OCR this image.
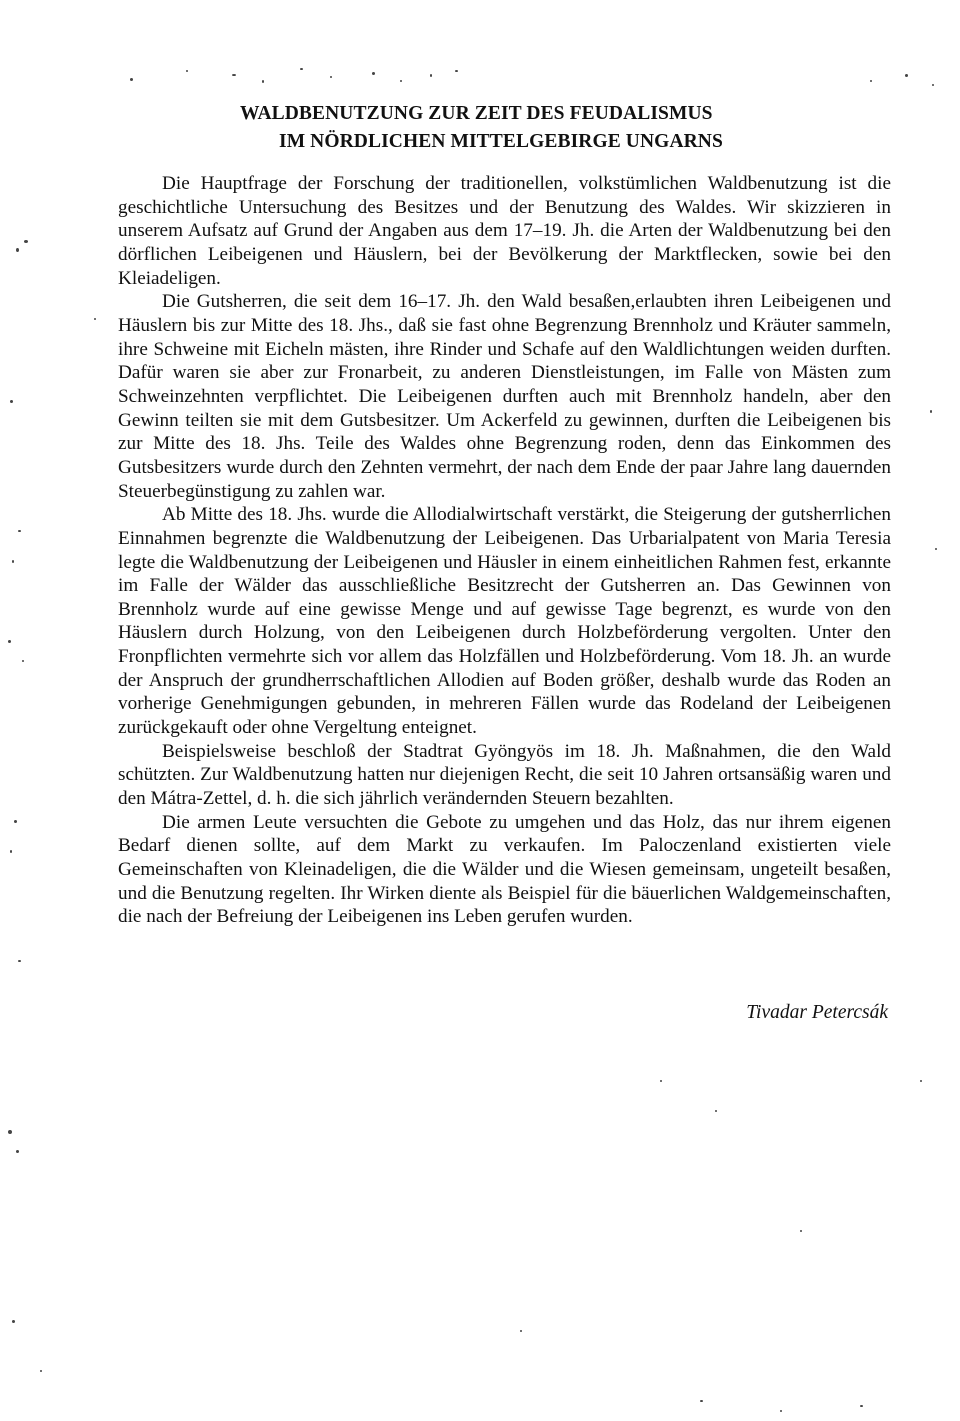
WALDBENUTZUNG ZUR ZEIT DES FEUDALISMUS
IM NÖRDLICHEN MITTELGEBIRGE UNGARNS

Die Hauptfrage der Forschung der traditionellen, volkstümlichen Waldbenutzung ist die geschichtliche Untersuchung des Besitzes und der Benutzung des Waldes. Wir skizzieren in unserem Aufsatz auf Grund der Angaben aus dem 17–19. Jh. die Arten der Waldbenutzung bei den dörflichen Leibeigenen und Häuslern, bei der Bevölkerung der Marktflecken, sowie bei den Kleiadeligen.

Die Gutsherren, die seit dem 16–17. Jh. den Wald besaßen,erlaubten ihren Leibeigenen und Häuslern bis zur Mitte des 18. Jhs., daß sie fast ohne Begrenzung Brennholz und Kräuter sammeln, ihre Schweine mit Eicheln mästen, ihre Rinder und Schafe auf den Waldlichtungen weiden durften. Dafür waren sie aber zur Fronarbeit, zu anderen Dienstleistungen, im Falle von Mästen zum Schweinzehnten verpflichtet. Die Leibeigenen durften auch mit Brennholz handeln, aber den Gewinn teilten sie mit dem Gutsbesitzer. Um Ackerfeld zu gewinnen, durften die Leibeigenen bis zur Mitte des 18. Jhs. Teile des Waldes ohne Begrenzung roden, denn das Einkommen des Gutsbesitzers wurde durch den Zehnten vermehrt, der nach dem Ende der paar Jahre lang dauernden Steuerbegünstigung zu zahlen war.

Ab Mitte des 18. Jhs. wurde die Allodialwirtschaft verstärkt, die Steigerung der gutsherrlichen Einnahmen begrenzte die Waldbenutzung der Leibeigenen. Das Urbarialpatent von Maria Teresia legte die Waldbenutzung der Leibeigenen und Häusler in einem einheitlichen Rahmen fest, erkannte im Falle der Wälder das ausschließliche Besitzrecht der Gutsherren an. Das Gewinnen von Brennholz wurde auf eine gewisse Menge und auf gewisse Tage begrenzt, es wurde von den Häuslern durch Holzung, von den Leibeigenen durch Holzbeförderung vergolten. Unter den Fronpflichten vermehrte sich vor allem das Holzfällen und Holzbeförderung. Vom 18. Jh. an wurde der Anspruch der grundherrschaftlichen Allodien auf Boden größer, deshalb wurde das Roden an vorherige Genehmigungen gebunden, in mehreren Fällen wurde das Rodeland der Leibeigenen zurückgekauft oder ohne Vergeltung enteignet.

Beispielsweise beschloß der Stadtrat Gyöngyös im 18. Jh. Maßnahmen, die den Wald schützten. Zur Waldbenutzung hatten nur diejenigen Recht, die seit 10 Jahren ortsansäßig waren und den Mátra-Zettel, d. h. die sich jährlich verändernden Steuern bezahlten.

Die armen Leute versuchten die Gebote zu umgehen und das Holz, das nur ihrem eigenen Bedarf dienen sollte, auf dem Markt zu verkaufen. Im Paloczenland existierten viele Gemeinschaften von Kleinadeligen, die die Wälder und die Wiesen gemeinsam, ungeteilt besaßen, und die Benutzung regelten. Ihr Wirken diente als Beispiel für die bäuerlichen Waldgemeinschaften, die nach der Befreiung der Leibeigenen ins Leben gerufen wurden.

Tivadar Petercsák
